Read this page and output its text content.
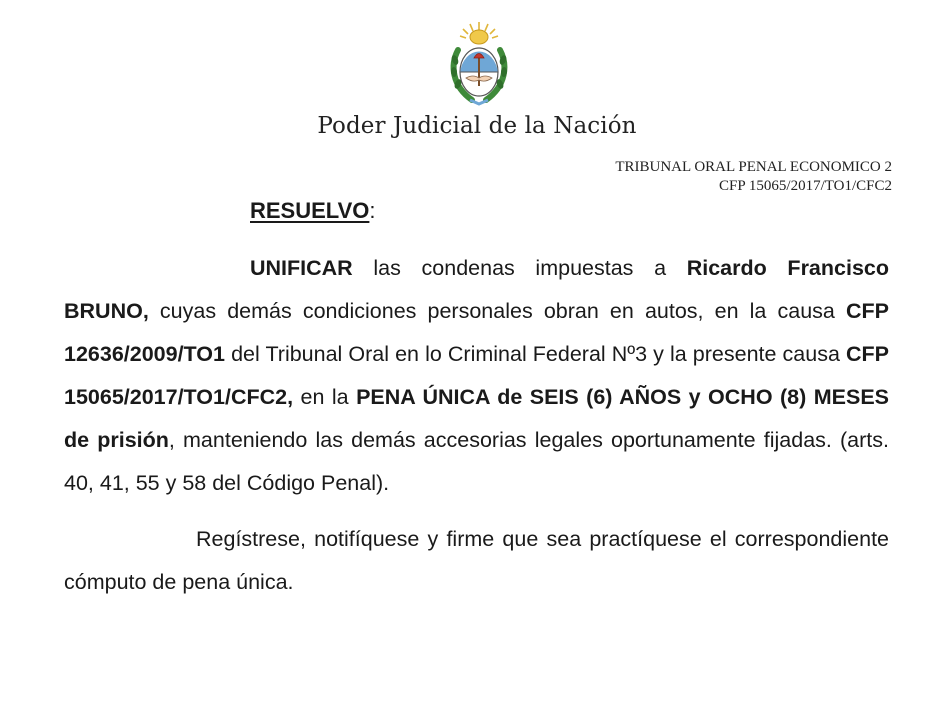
Poder Judicial de la Nación
TRIBUNAL ORAL PENAL ECONOMICO 2
CFP 15065/2017/TO1/CFC2
RESUELVO:
UNIFICAR las condenas impuestas a Ricardo Francisco BRUNO, cuyas demás condiciones personales obran en autos, en la causa CFP 12636/2009/TO1 del Tribunal Oral en lo Criminal Federal Nº3 y la presente causa CFP 15065/2017/TO1/CFC2, en la PENA ÚNICA de SEIS (6) AÑOS y OCHO (8) MESES de prisión, manteniendo las demás accesorias legales oportunamente fijadas. (arts. 40, 41, 55 y 58 del Código Penal).
Regístrese, notifíquese y firme que sea practíquese el correspondiente cómputo de pena única.
